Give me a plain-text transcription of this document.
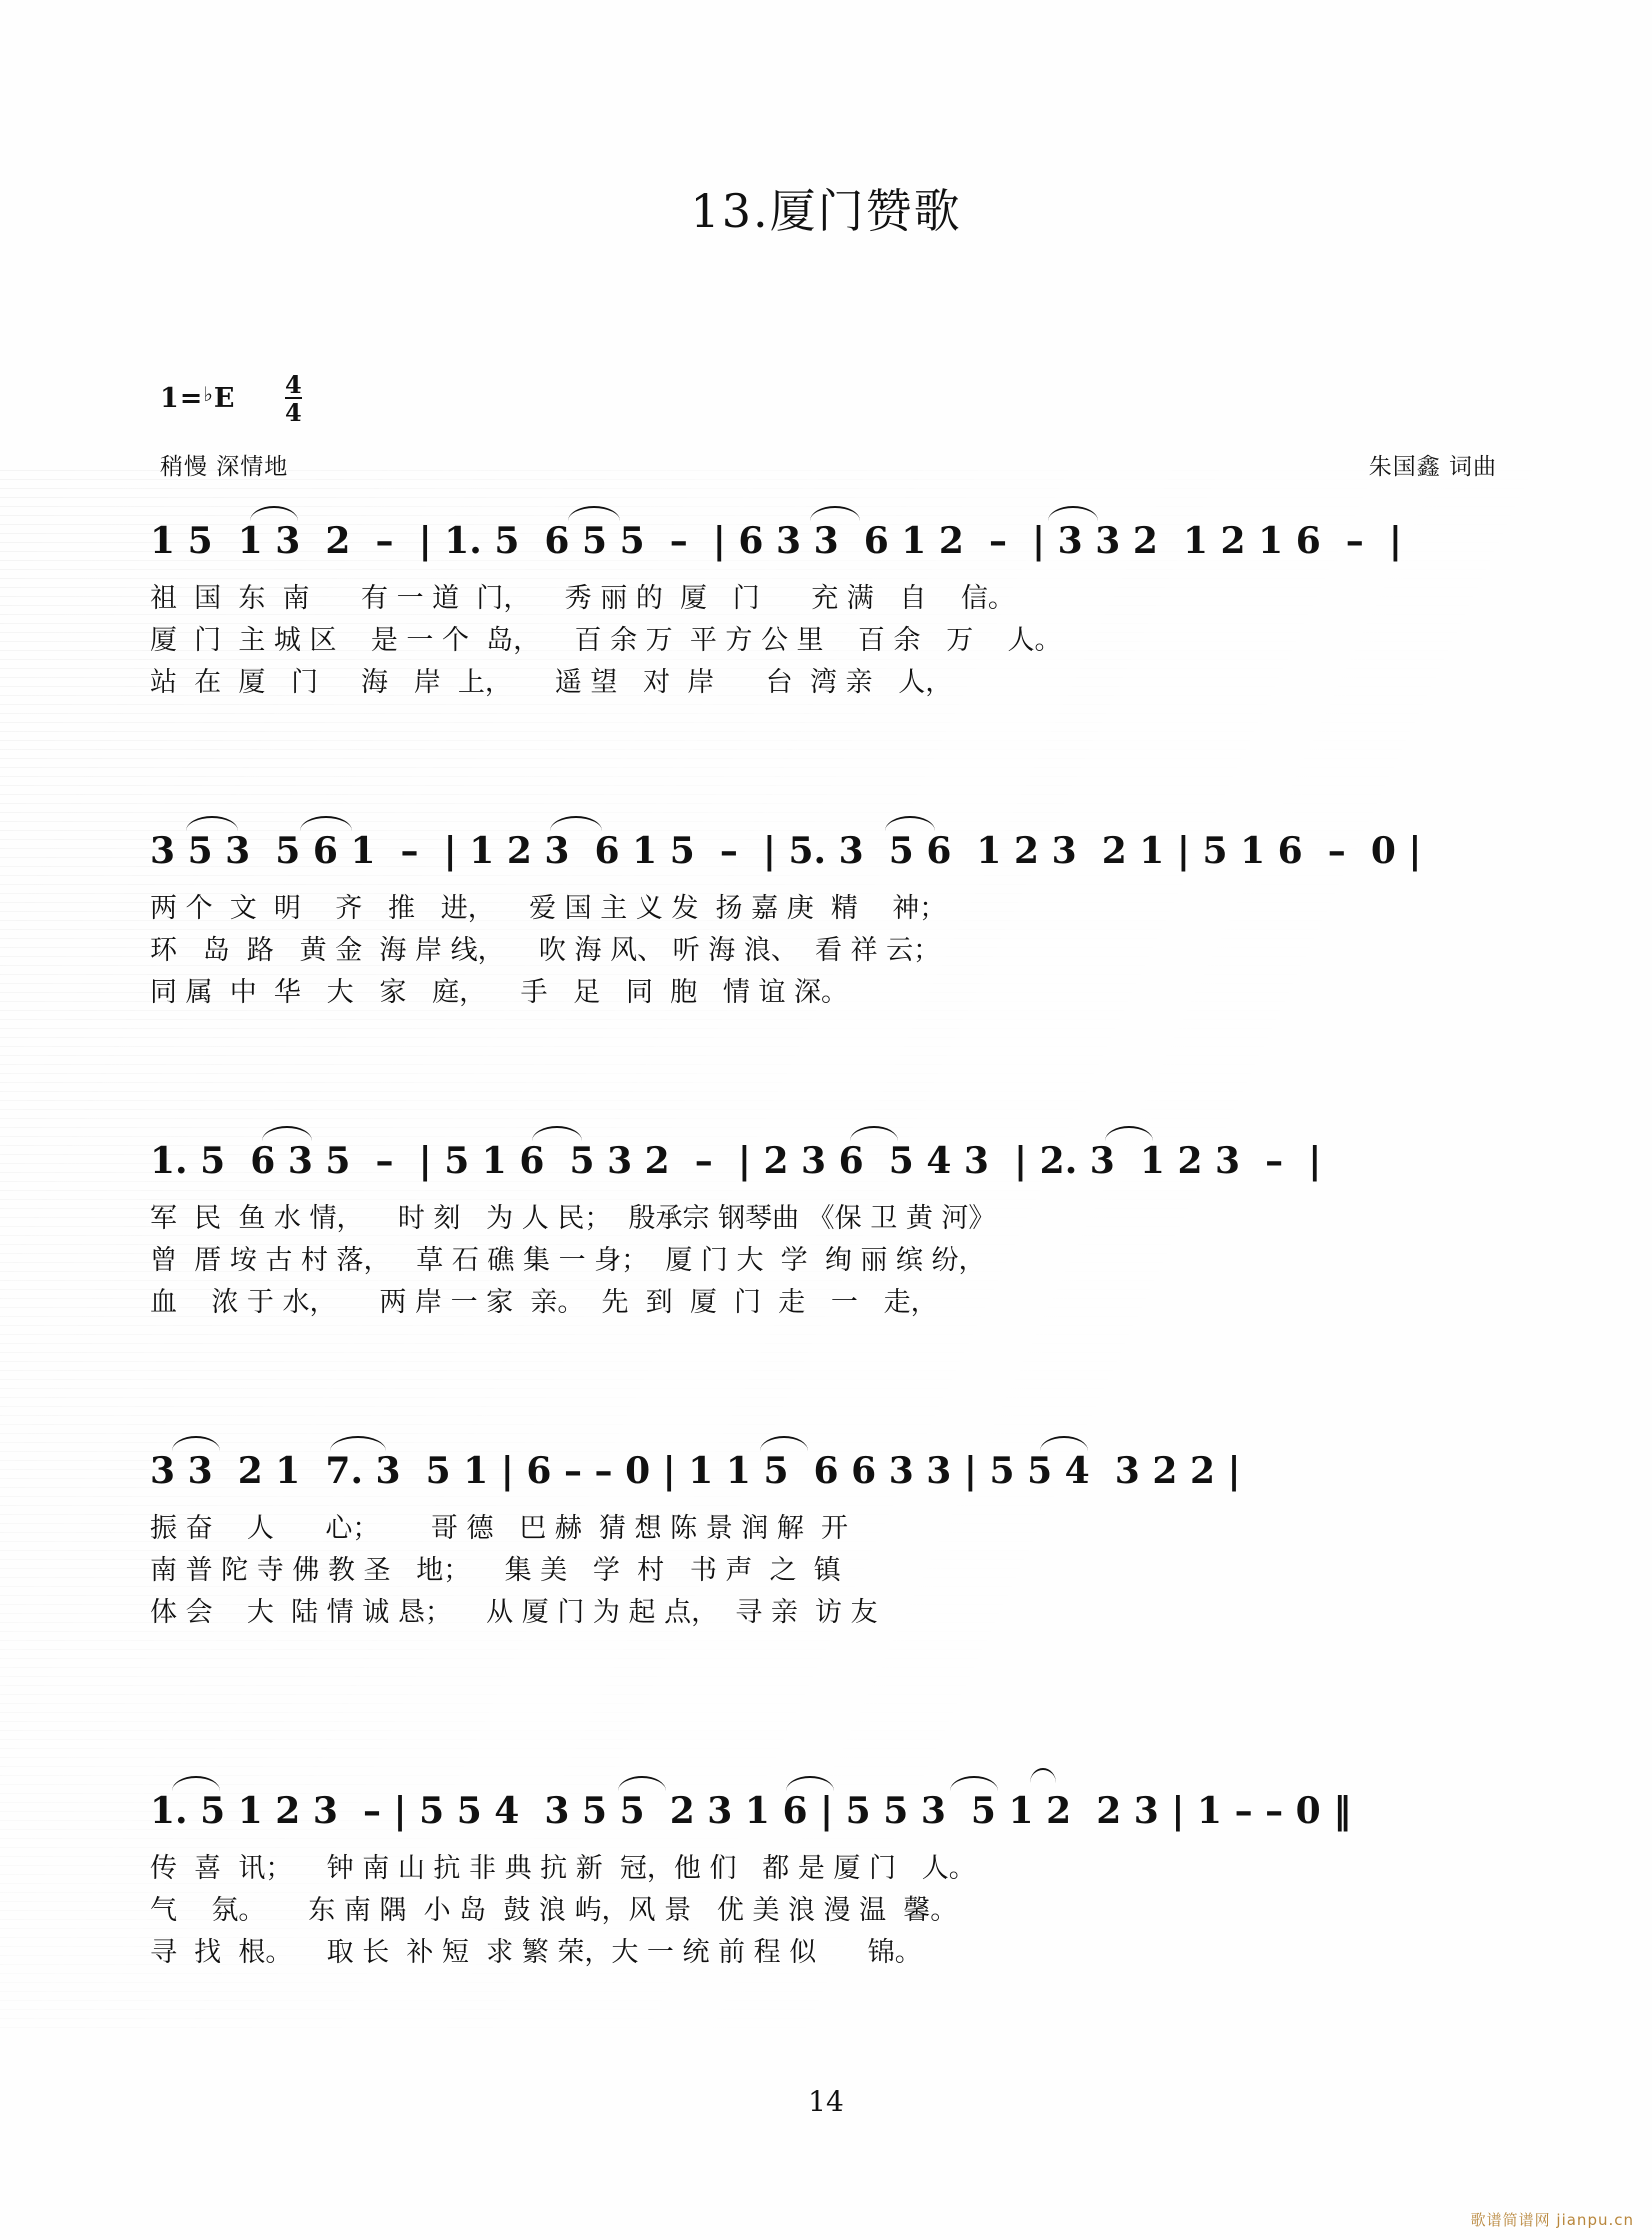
13.厦门赞歌
$1=^♭E \frac{4}{4}$
稍慢 深情地	朱国鑫 词曲
1 5  1 3  2  –  | 1. 5  6 5 5  –  | 6 3 3  6 1 2  –  | 3 3 2  1 2 1 6  –  |
祖  国  东  南      有 一 道  门，    秀 丽 的  厦   门      充 满   自    信。
厦  门  主 城 区    是 一 个  岛，    百 余 万  平 方 公 里    百 余   万    人。
站  在  厦   门     海   岸  上，     遥 望   对  岸      台  湾 亲   人，
3 5 3  5 6 1  –  | 1 2 3  6 1 5  –  | 5. 3  5 6  1 2 3  2 1 | 5 1 6  –  0 |
两 个  文  明    齐   推   进，    爱 国 主 义 发  扬 嘉 庚  精    神；
环   岛  路   黄 金  海 岸 线，    吹 海 风、 听 海 浪、  看 祥 云；
同 属  中  华   大   家   庭，    手   足   同  胞   情 谊 深。
1. 5  6 3 5  –  | 5 1 6  5 3 2  –  | 2 3 6  5 4 3  | 2. 3  1 2 3  –  |
军  民  鱼 水 情，    时 刻   为 人 民；  殷承宗 钢琴曲 《保 卫 黄 河》
曾  厝 垵 古 村 落，   草 石 礁 集 一 身；  厦 门 大  学  绚 丽 缤 纷，
血    浓 于 水，     两 岸 一 家  亲。  先  到  厦  门  走   一   走，
3 3  2 1  7. 3  5 1 | 6 – – 0 | 1 1 5  6 6 3 3 | 5 5 4  3 2 2 |
振 奋    人      心；      哥 德   巴 赫  猜 想 陈 景 润 解  开
南 普 陀 寺 佛 教 圣   地；    集 美   学  村   书 声  之  镇
体 会    大  陆 情 诚 恳；    从 厦 门 为 起 点，  寻 亲  访 友
1. 5 1 2 3  – | 5 5 4  3 5 5  2 3 1 6 | 5 5 3  5 1 2  2 3 | 1 – – 0 ‖
传  喜  讯；    钟 南 山 抗 非 典 抗 新  冠，他 们   都 是 厦 门   人。
气    氛。     东 南 隅  小 岛  鼓 浪 屿，风 景   优 美 浪 漫 温  馨。
寻  找  根。    取 长  补 短  求 繁 荣，大 一 统 前 程 似      锦。
14
歌谱简谱网 jianpu.cn
